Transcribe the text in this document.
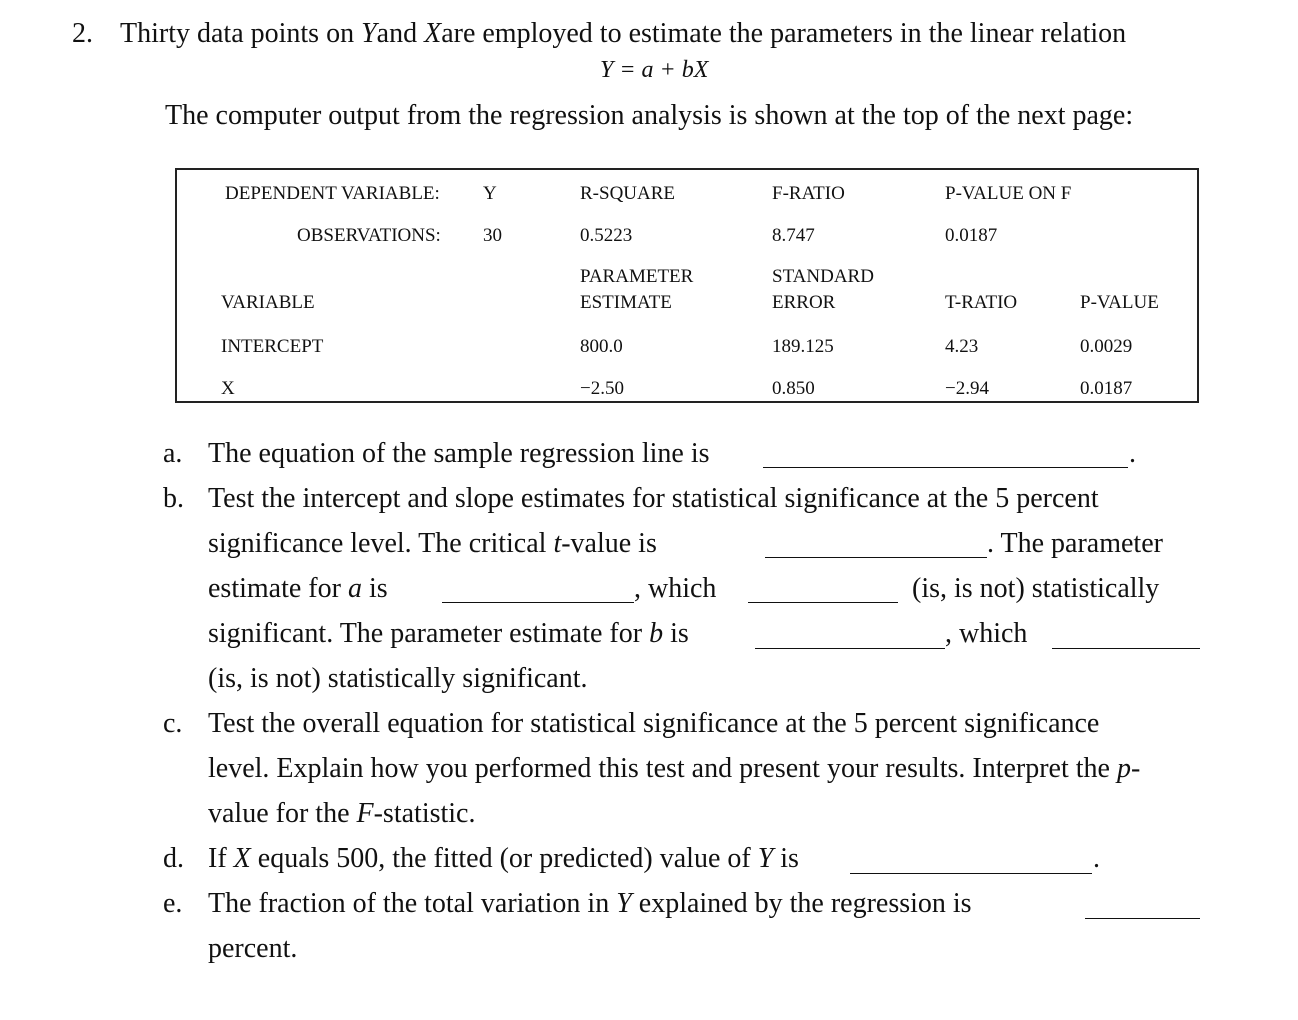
2. Thirty data points on Yand Xare employed to estimate the parameters in the linear relation
Y = a + bX
The computer output from the regression analysis is shown at the top of the next page:
DEPENDENT VARIABLE: Y	R-SQUARE	F-RATIO	P-VALUE ON F
OBSERVATIONS: 30	0.5223	8.747	0.0187
PARAMETER	STANDARD
VARIABLE	ESTIMATE	ERROR	T-RATIO	P-VALUE
INTERCEPT	800.0	189.125	4.23	0.0029
X	−2.50	0.850	−2.94	0.0187
a. The equation of the sample regression line is	.
b. Test the intercept and slope estimates for statistical significance at the 5 percent
significance level. The critical t-value is	. The parameter
estimate for a is	, which	(is, is not) statistically
significant. The parameter estimate for b is	, which
(is, is not) statistically significant.
c. Test the overall equation for statistical significance at the 5 percent significance
level. Explain how you performed this test and present your results. Interpret the p-
value for the F-statistic.
d. If X equals 500, the fitted (or predicted) value of Y is	.
e. The fraction of the total variation in Y explained by the regression is
percent.
